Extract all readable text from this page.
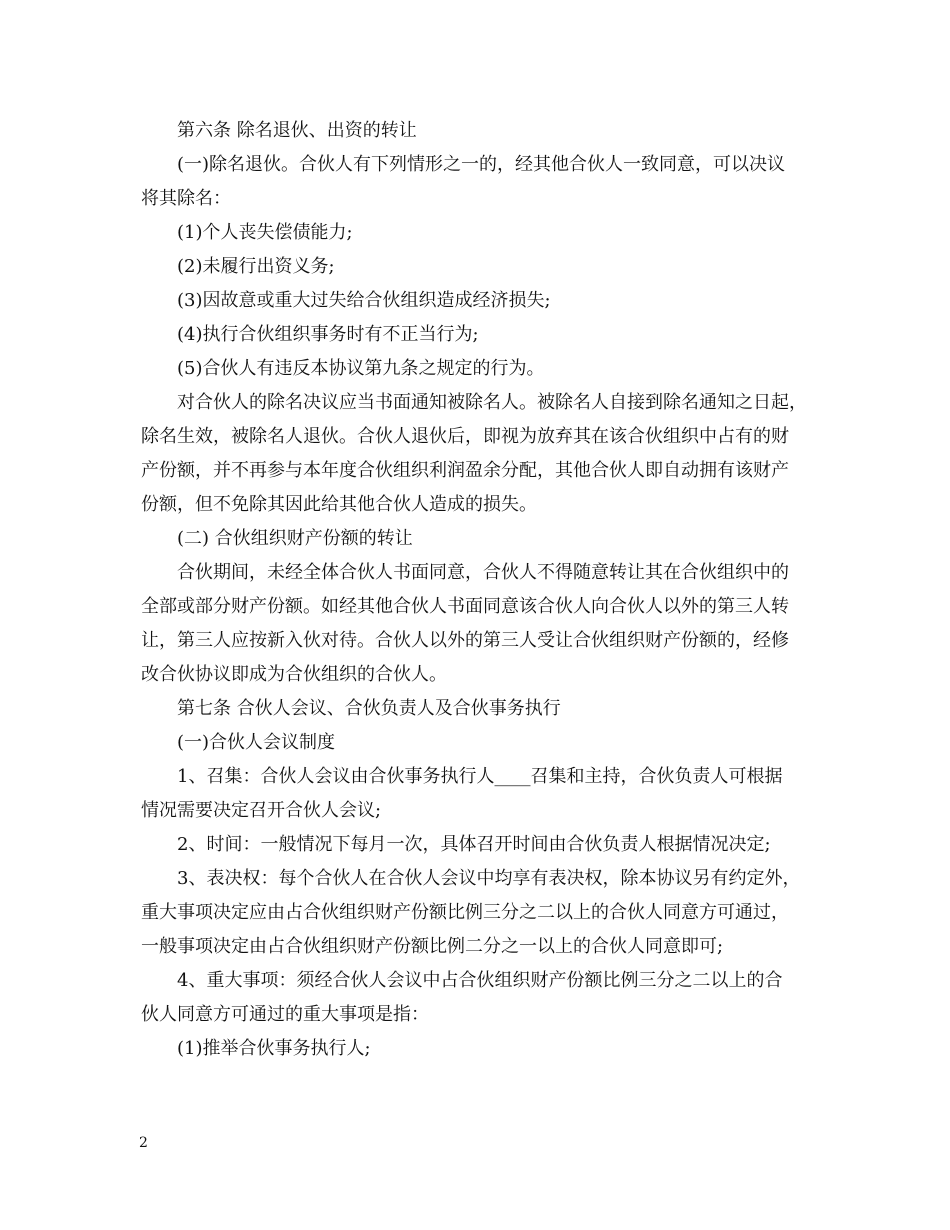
第六条 除名退伙、出资的转让
(一)除名退伙。合伙人有下列情形之一的，经其他合伙人一致同意，可以决议
将其除名：
(1)个人丧失偿债能力;
(2)未履行出资义务;
(3)因故意或重大过失给合伙组织造成经济损失;
(4)执行合伙组织事务时有不正当行为;
(5)合伙人有违反本协议第九条之规定的行为。
对合伙人的除名决议应当书面通知被除名人。被除名人自接到除名通知之日起，
除名生效，被除名人退伙。合伙人退伙后，即视为放弃其在该合伙组织中占有的财
产份额，并不再参与本年度合伙组织利润盈余分配，其他合伙人即自动拥有该财产
份额，但不免除其因此给其他合伙人造成的损失。
(二) 合伙组织财产份额的转让
合伙期间，未经全体合伙人书面同意，合伙人不得随意转让其在合伙组织中的
全部或部分财产份额。如经其他合伙人书面同意该合伙人向合伙人以外的第三人转
让，第三人应按新入伙对待。合伙人以外的第三人受让合伙组织财产份额的，经修
改合伙协议即成为合伙组织的合伙人。
第七条 合伙人会议、合伙负责人及合伙事务执行
(一)合伙人会议制度
1、召集：合伙人会议由合伙事务执行人____召集和主持，合伙负责人可根据
情况需要决定召开合伙人会议;
2、时间：一般情况下每月一次，具体召开时间由合伙负责人根据情况决定;
3、表决权：每个合伙人在合伙人会议中均享有表决权，除本协议另有约定外，
重大事项决定应由占合伙组织财产份额比例三分之二以上的合伙人同意方可通过，
一般事项决定由占合伙组织财产份额比例二分之一以上的合伙人同意即可;
4、重大事项：须经合伙人会议中占合伙组织财产份额比例三分之二以上的合
伙人同意方可通过的重大事项是指：
(1)推举合伙事务执行人;
2
